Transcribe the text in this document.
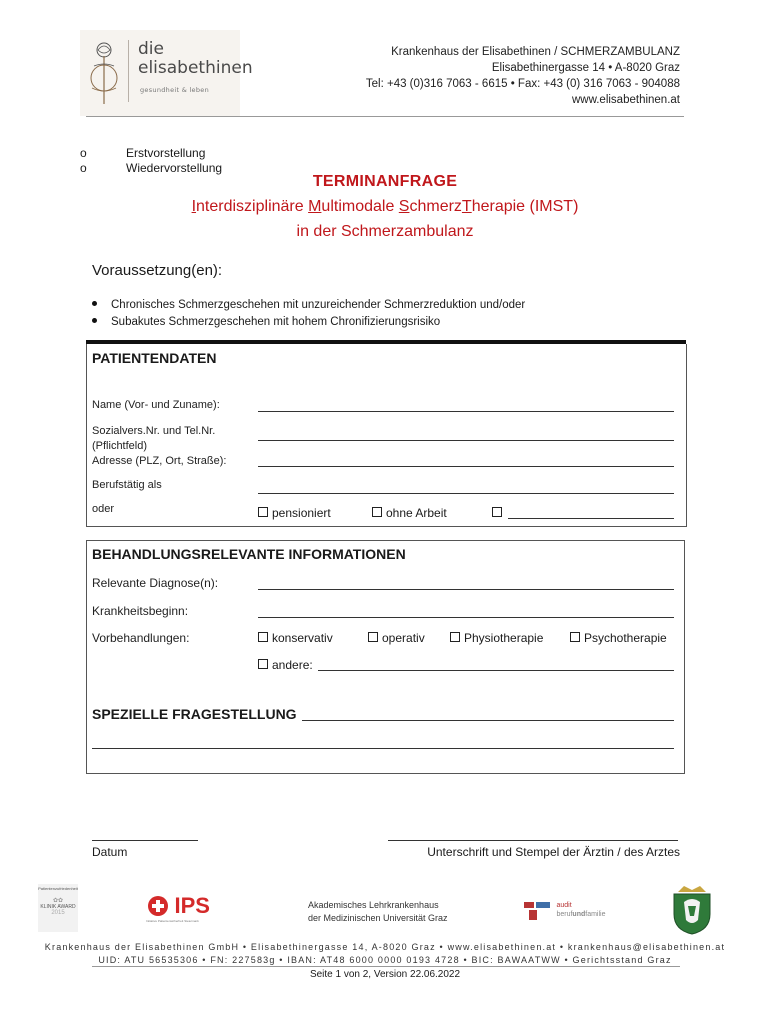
die
elisabethinen
gesundheit & leben
Krankenhaus der Elisabethinen / SCHMERZAMBULANZ
Elisabethinergasse 14 • A-8020 Graz
Tel: +43 (0)316 7063 - 6615 • Fax: +43 (0) 316 7063 - 904088
www.elisabethinen.at
o	Erstvorstellung
o	Wiedervorstellung
TERMINANFRAGE
Interdisziplinäre Multimodale SchmerzTherapie (IMST)
in der Schmerzambulanz
Voraussetzung(en):
Chronisches Schmerzgeschehen mit unzureichender Schmerzreduktion und/oder
Subakutes Schmerzgeschehen mit hohem Chronifizierungsrisiko
PATIENTENDATEN
Name (Vor- und Zuname):
Sozialvers.Nr. und Tel.Nr.
(Pflichtfeld)
Adresse (PLZ, Ort, Straße):
Berufstätig als
oder	pensioniert	ohne Arbeit
BEHANDLUNGSRELEVANTE INFORMATIONEN
Relevante Diagnose(n):
Krankheitsbeginn:
Vorbehandlungen:	konservativ	operativ	Physiotherapie	Psychotherapie
andere:
SPEZIELLE FRAGESTELLUNG
Datum	Unterschrift und Stempel der Ärztin / des Arztes
Patientenzufriedenheit
✿✿
KLINIK AWARD
2015	IPS
Initiative Patientensicherheit Steiermark
Akademisches Lehrkrankenhaus
der Medizinischen Universität Graz

audit
berufundfamilie
Krankenhaus der Elisabethinen GmbH • Elisabethinergasse 14, A-8020 Graz • www.elisabethinen.at • krankenhaus@elisabethinen.at
UID: ATU 56535306 • FN: 227583g • IBAN: AT48 6000 0000 0193 4728 • BIC: BAWAATWW • Gerichtsstand Graz
Seite 1 von 2, Version 22.06.2022
